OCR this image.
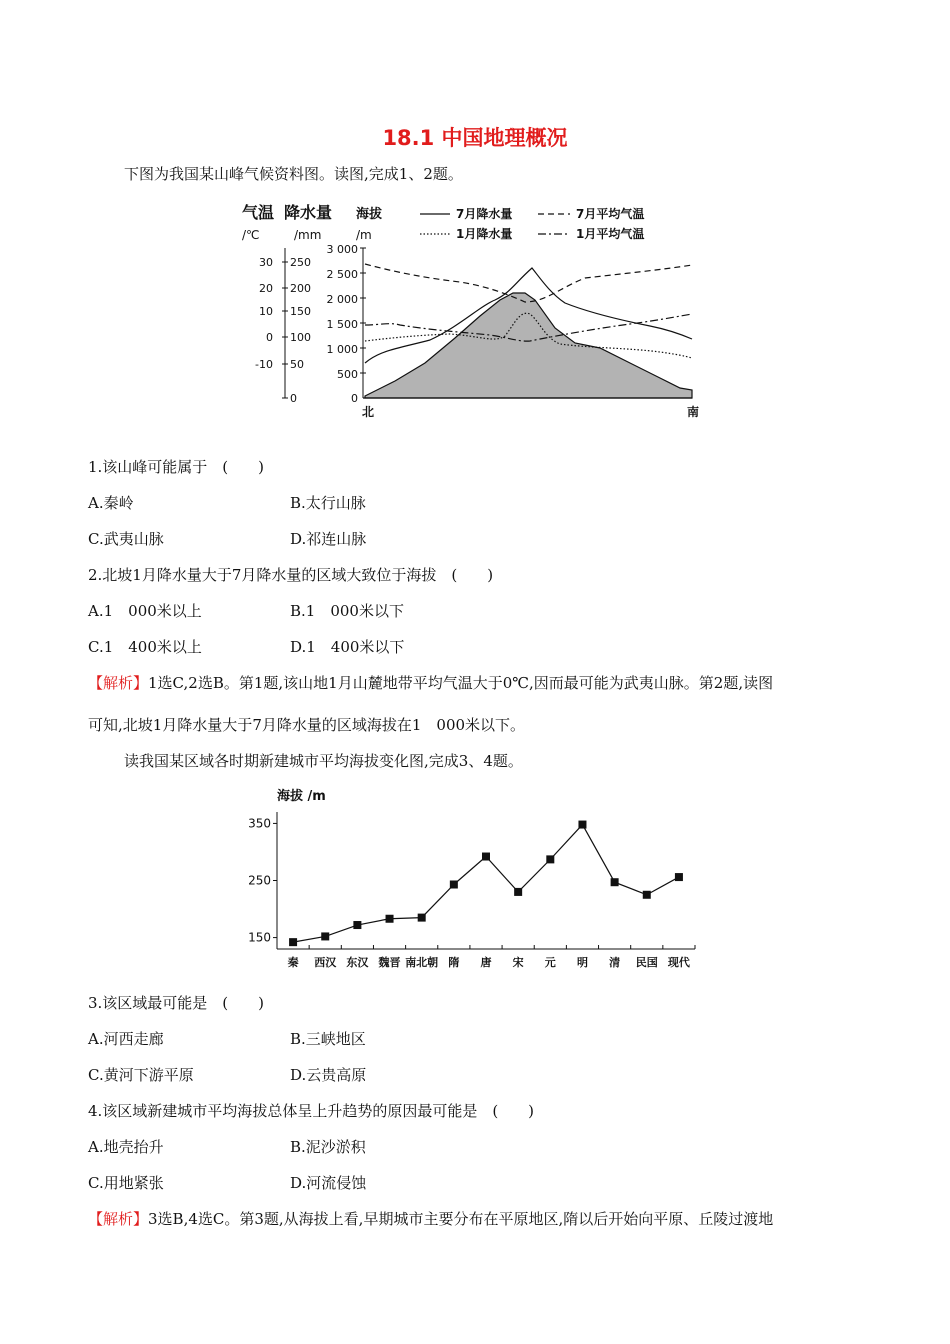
18.1 中国地理概况
下图为我国某山峰气候资料图。读图,完成1、2题。
气温 降水量 海拔
/℃	/mm	/m
7月降水量	7月平均气温
1月降水量	1月平均气温
30
20
10
0
-10
250
200
150
100
50
0
3 000
2 500
2 000
1 500
1 000
500
0
北	南
1.该山峰可能属于　(　　)
A.秦岭	B.太行山脉
C.武夷山脉	D.祁连山脉
2.北坡1月降水量大于7月降水量的区域大致位于海拔　(　　)
A.1　000米以上	B.1　000米以下
C.1　400米以上	D.1　400米以下
【解析】1选C,2选B。第1题,该山地1月山麓地带平均气温大于0℃,因而最可能为武夷山脉。第2题,读图
可知,北坡1月降水量大于7月降水量的区域海拔在1　000米以下。
读我国某区域各时期新建城市平均海拔变化图,完成3、4题。
海拔 /m
150
250
350
秦 西汉 东汉 魏晋 南北朝 隋 唐 宋 元 明 清 民国 现代
3.该区域最可能是　(　　)
A.河西走廊	B.三峡地区
C.黄河下游平原	D.云贵高原
4.该区域新建城市平均海拔总体呈上升趋势的原因最可能是　(　　)
A.地壳抬升	B.泥沙淤积
C.用地紧张	D.河流侵蚀
【解析】3选B,4选C。第3题,从海拔上看,早期城市主要分布在平原地区,隋以后开始向平原、丘陵过渡地
